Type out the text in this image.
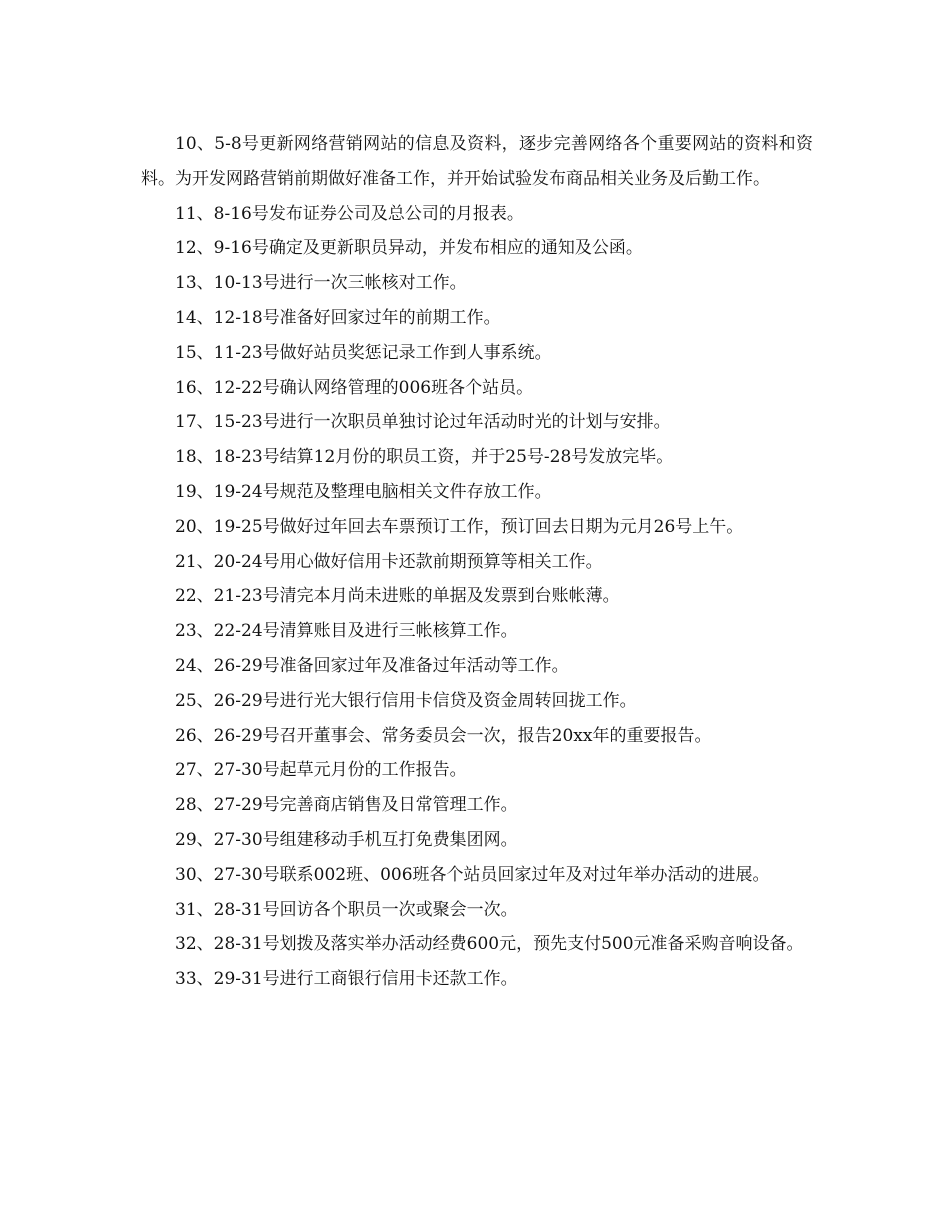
10、5-8号更新网络营销网站的信息及资料，逐步完善网络各个重要网站的资料和资料。为开发网路营销前期做好准备工作，并开始试验发布商品相关业务及后勤工作。

11、8-16号发布证券公司及总公司的月报表。

12、9-16号确定及更新职员异动，并发布相应的通知及公函。

13、10-13号进行一次三帐核对工作。

14、12-18号准备好回家过年的前期工作。

15、11-23号做好站员奖惩记录工作到人事系统。

16、12-22号确认网络管理的006班各个站员。

17、15-23号进行一次职员单独讨论过年活动时光的计划与安排。

18、18-23号结算12月份的职员工资，并于25号-28号发放完毕。

19、19-24号规范及整理电脑相关文件存放工作。

20、19-25号做好过年回去车票预订工作，预订回去日期为元月26号上午。

21、20-24号用心做好信用卡还款前期预算等相关工作。

22、21-23号清完本月尚未进账的单据及发票到台账帐薄。

23、22-24号清算账目及进行三帐核算工作。

24、26-29号准备回家过年及准备过年活动等工作。

25、26-29号进行光大银行信用卡信贷及资金周转回拢工作。

26、26-29号召开董事会、常务委员会一次，报告20xx年的重要报告。

27、27-30号起草元月份的工作报告。

28、27-29号完善商店销售及日常管理工作。

29、27-30号组建移动手机互打免费集团网。

30、27-30号联系002班、006班各个站员回家过年及对过年举办活动的进展。

31、28-31号回访各个职员一次或聚会一次。

32、28-31号划拨及落实举办活动经费600元，预先支付500元准备采购音响设备。

33、29-31号进行工商银行信用卡还款工作。
